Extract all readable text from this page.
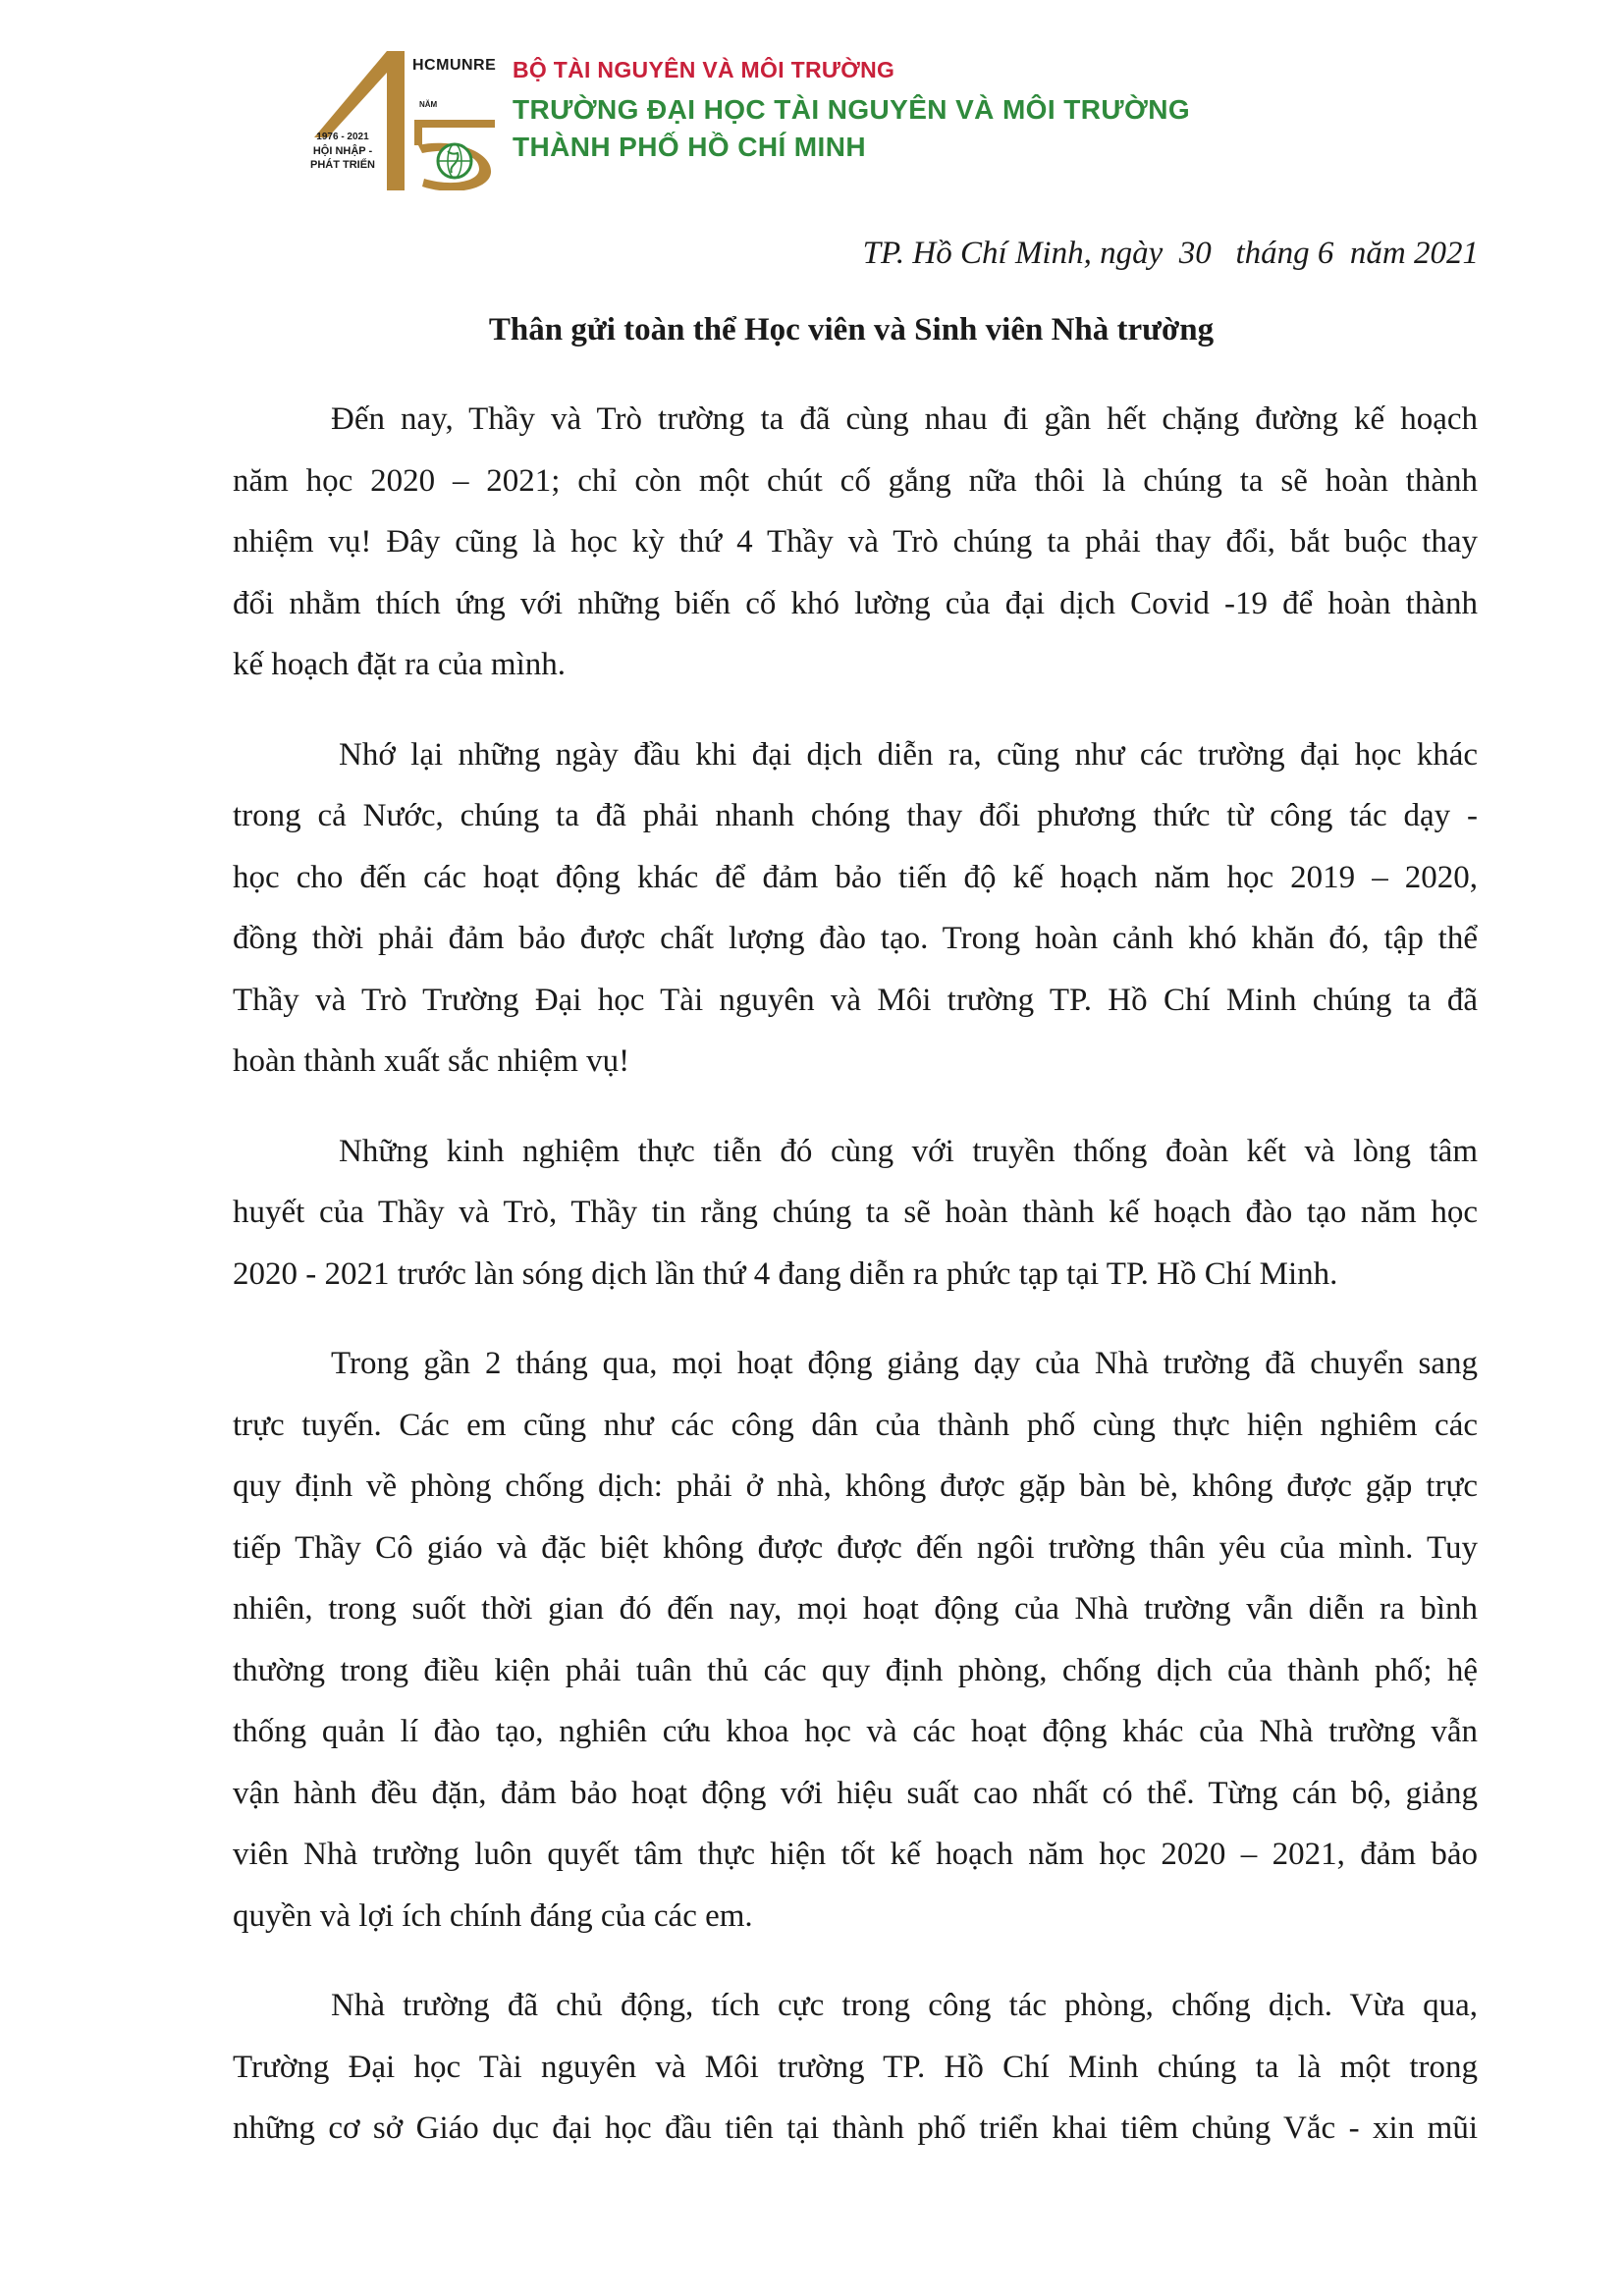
HCMUNRE
NĂM
1976 - 2021
HỘI NHẬP -
PHÁT TRIỂN
BỘ TÀI NGUYÊN VÀ MÔI TRƯỜNG
TRƯỜNG ĐẠI HỌC TÀI NGUYÊN VÀ MÔI TRƯỜNG
THÀNH PHỐ HỒ CHÍ MINH
TP. Hồ Chí Minh, ngày  30   tháng 6  năm 2021
Thân gửi toàn thể Học viên và Sinh viên Nhà trường

Đến nay, Thầy và Trò trường ta đã cùng nhau đi gần hết chặng đường kế hoạch
năm học 2020 – 2021; chỉ còn một chút cố gắng nữa thôi là chúng ta sẽ hoàn thành
nhiệm vụ! Đây cũng là học kỳ thứ 4 Thầy và Trò chúng ta phải thay đổi, bắt buộc thay
đổi nhằm thích ứng với những biến cố khó lường của đại dịch Covid -19 để hoàn thành
kế hoạch đặt ra của mình.

Nhớ lại những ngày đầu khi đại dịch diễn ra, cũng như các trường đại học khác
trong cả Nước, chúng ta đã phải nhanh chóng thay đổi phương thức từ công tác dạy -
học cho đến các hoạt động khác để đảm bảo tiến độ kế hoạch năm học 2019 – 2020,
đồng thời phải đảm bảo được chất lượng đào tạo. Trong hoàn cảnh khó khăn đó, tập thể
Thầy và Trò Trường Đại học Tài nguyên và Môi trường TP. Hồ Chí Minh chúng ta đã
hoàn thành xuất sắc nhiệm vụ!

Những kinh nghiệm thực tiễn đó cùng với truyền thống đoàn kết và lòng tâm
huyết của Thầy và Trò, Thầy tin rằng chúng ta sẽ hoàn thành kế hoạch đào tạo năm học
2020 - 2021 trước làn sóng dịch lần thứ 4 đang diễn ra phức tạp tại TP. Hồ Chí Minh.

Trong gần 2 tháng qua, mọi hoạt động giảng dạy của Nhà trường đã chuyển sang
trực tuyến. Các em cũng như các công dân của thành phố cùng thực hiện nghiêm các
quy định về phòng chống dịch: phải ở nhà, không được gặp bàn bè, không được gặp trực
tiếp Thầy Cô giáo và đặc biệt không được được đến ngôi trường thân yêu của mình. Tuy
nhiên, trong suốt thời gian đó đến nay, mọi hoạt động của Nhà trường vẫn diễn ra bình
thường trong điều kiện phải tuân thủ các quy định phòng, chống dịch của thành phố; hệ
thống quản lí đào tạo, nghiên cứu khoa học và các hoạt động khác của Nhà trường vẫn
vận hành đều đặn, đảm bảo hoạt động với hiệu suất cao nhất có thể. Từng cán bộ, giảng
viên Nhà trường luôn quyết tâm thực hiện tốt kế hoạch năm học 2020 – 2021, đảm bảo
quyền và lợi ích chính đáng của các em.

Nhà trường đã chủ động, tích cực trong công tác phòng, chống dịch. Vừa qua,
Trường Đại học Tài nguyên và Môi trường TP. Hồ Chí Minh chúng ta là một trong
những cơ sở Giáo dục đại học đầu tiên tại thành phố triển khai tiêm chủng Vắc - xin mũi
